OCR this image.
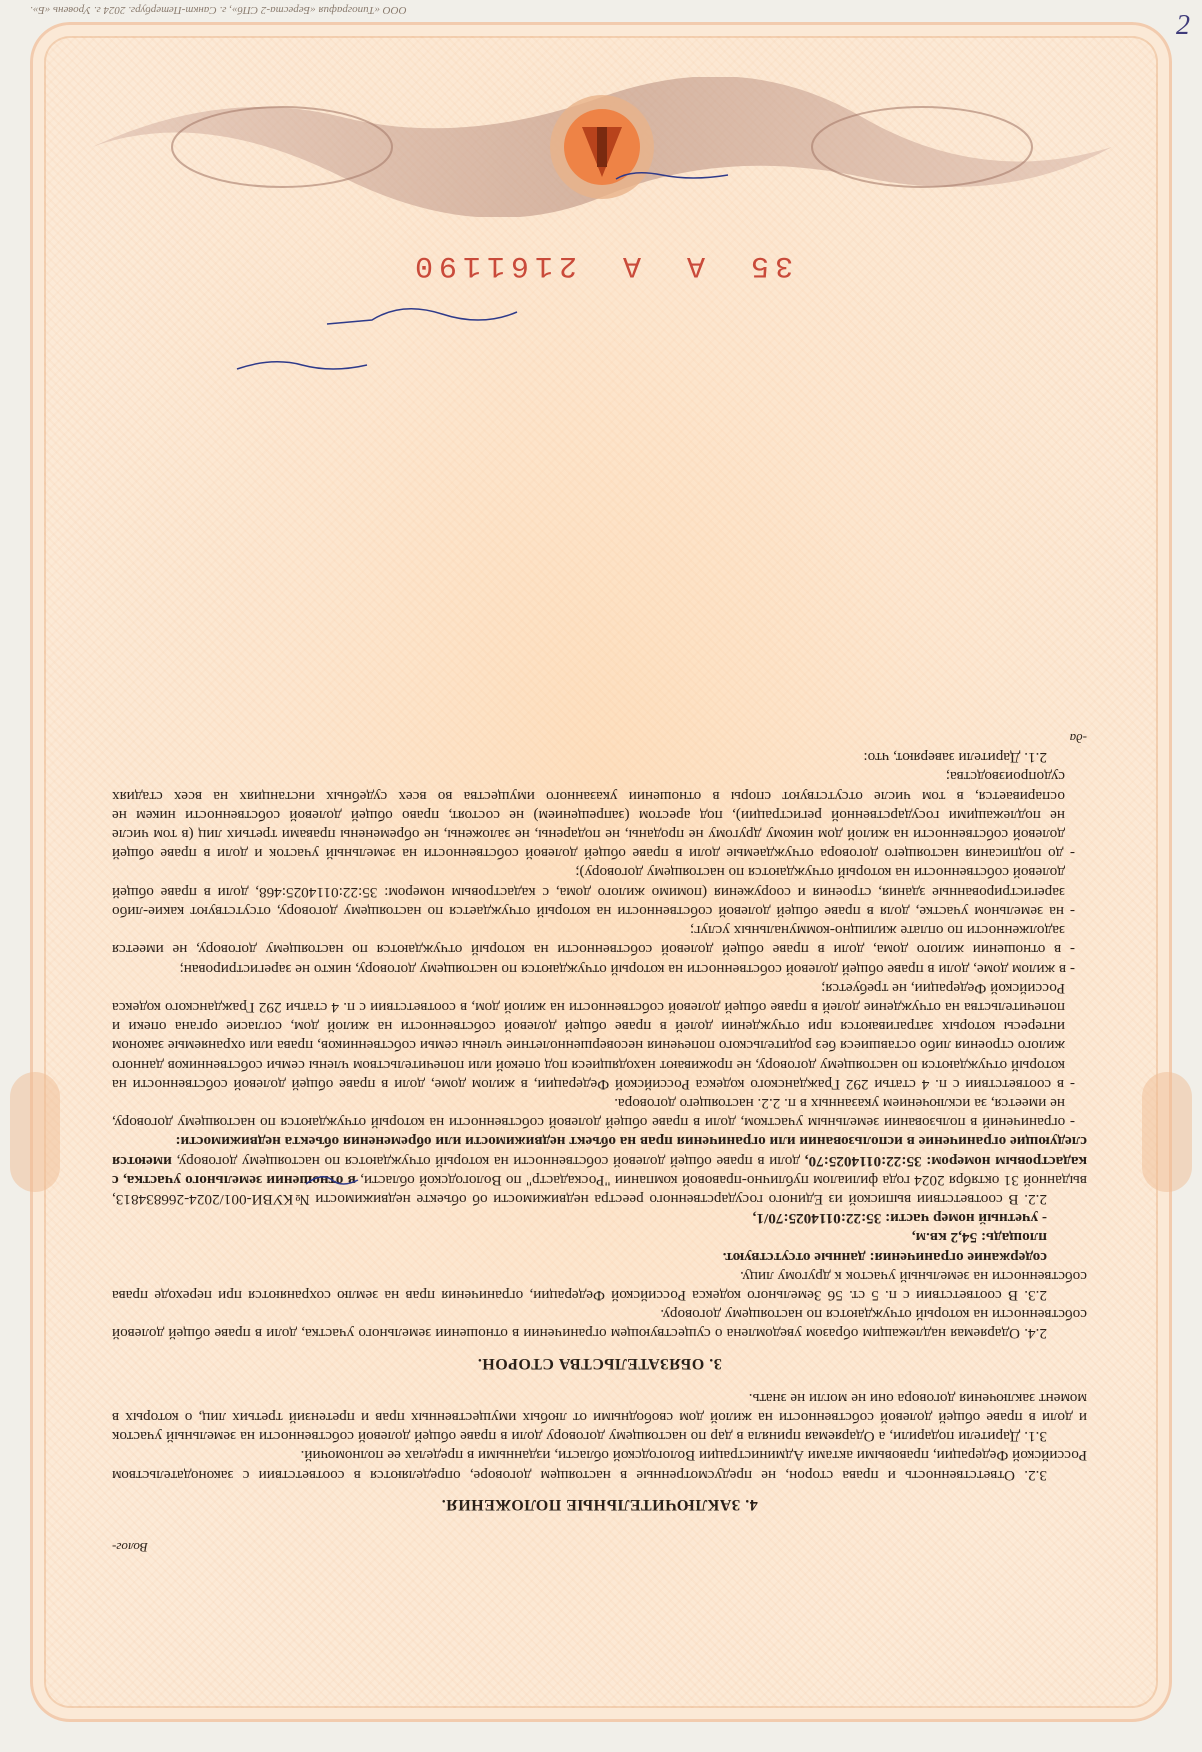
35 А А 2161190
ООО «Типография «Береста-2 СПб», г. Санкт-Петербург. 2024 г. Уровень «Б».

Волог-

4. ЗАКЛЮЧИТЕЛЬНЫЕ ПОЛОЖЕНИЯ.

3.2. Ответственность и права сторон, не предусмотренные в настоящем договоре, определяются в соответствии с законодательством Российской Федерации, правовыми актами Администрации Вологодской области, изданными в пределах ее полномочий.

3.1. Дарители подарили, а Одаряемая приняла в дар по настоящему договору доли в праве общей долевой собственности на земельный участок и доли в праве общей долевой собственности на жилой дом свободными от любых имущественных прав и претензий третьих лиц, о которых в момент заключения договора они не могли не знать.

3. ОБЯЗАТЕЛЬСТВА СТОРОН.

2.4. Одаряемая надлежащим образом уведомлена о существующем ограничении в отношении земельного участка, доли в праве общей долевой собственности на который отчуждаются по настоящему договору.

2.3. В соответствии с п. 5 ст. 56 Земельного кодекса Российской Федерации, ограничения прав на землю сохраняются при переходе права собственности на земельный участок к другому лицу.

содержание ограничения: данные отсутствуют.

площадь: 54,2 кв.м,

- учетный номер части: 35:22:0114025:70/1,

2.2. В соответствии выпиской из Единого государственного реестра недвижимости об объекте недвижимости №КУВИ-001/2024-266834813, выданной 31 октября 2024 года филиалом публично-правовой компании "Роскадастр" по Вологодской области, в отношении земельного участка, с кадастровым номером: 35:22:0114025:70, доли в праве общей долевой собственности на который отчуждаются по настоящему договору, имеются следующие ограничение в использовании или ограничения прав на объект недвижимости или обременения объекта недвижимости:

- ограничений в пользовании земельным участком, доли в праве общей долевой собственности на который отчуждаются по настоящему договору, не имеется, за исключением указанных в п. 2.2. настоящего договора.

- в соответствии с п. 4 статьи 292 Гражданского кодекса Российской Федерации, в жилом доме, доли в праве общей долевой собственности на который отчуждаются по настоящему договору, не проживают находящиеся под опекой или попечительством члены семьи собственников данного жилого строения либо оставшиеся без родительского попечения несовершеннолетние члены семьи собственников, права или охраняемые законом интересы которых затрагиваются при отчуждении долей в праве общей долевой собственности на жилой дом, согласие органа опеки и попечительства на отчуждение долей в праве общей долевой собственности на жилой дом, в соответствии с п. 4 статьи 292 Гражданского кодекса Российской Федерации, не требуется;

- в жилом доме, доли в праве общей долевой собственности на который отчуждаются по настоящему договору, никто не зарегистрирован;

- в отношении жилого дома, доли в праве общей долевой собственности на который отчуждаются по настоящему договору, не имеется задолженности по оплате жилищно-коммунальных услуг;

- на земельном участке, доля в праве общей долевой собственности на который отчуждается по настоящему договору, отсутствуют какие-либо зарегистрированные здания, строения и сооружения (помимо жилого дома, с кадастровым номером: 35:22:0114025:468, доли в праве общей долевой собственности на который отчуждаются по настоящему договору);

- до подписания настоящего договора отчуждаемые доли в праве общей долевой собственности на земельный участок и доли в праве общей долевой собственности на жилой дом никому другому не проданы, не подарены, не заложены, не обременены правами третьих лиц (в том числе не подлежащими государственной регистрации), под арестом (запрещением) не состоят, право общей долевой собственности никем не оспаривается, в том числе отсутствуют споры в отношении указанного имущества во всех судебных инстанциях на всех стадиях судопроизводства;

2.1. Дарители заверяют, что:

-да

2
